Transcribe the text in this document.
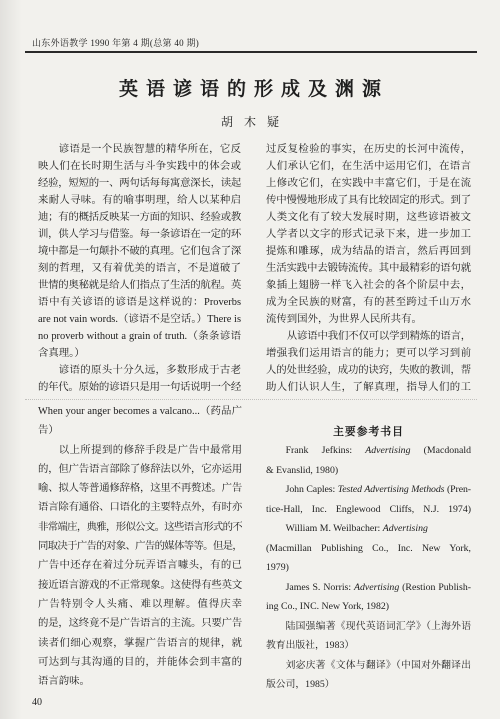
山东外语教学 1990 年第 4 期(总第 40 期)
英语谚语的形成及渊源
胡木疑
谚语是一个民族智慧的精华所在，它反
映人们在长时期生活与斗争实践中的体会或
经验，短短的一、两句话每每寓意深长，读起
来耐人寻味。有的喻事明理，给人以某种启
迪；有的概括反映某一方面的知识、经验或教
训，供人学习与借鉴。每一条谚语在一定的环
境中都是一句颠扑不破的真理。它们包含了深
刻的哲理，又有着优美的语言，不是道破了
世情的奥秘就是给人们指点了生活的航程。英
语中有关谚语的谚语是这样说的：Proverbs
are not vain words.（谚语不是空话。）There is
no proverb without a grain of truth.（条条谚语
含真理。）
谚语的原头十分久远，多数形成于古老
的年代。原始的谚语只是用一句话说明一个经
过反复检验的事实，在历史的长河中流传，
人们承认它们，在生活中运用它们，在语言
上修改它们，在实践中丰富它们，于是在流
传中慢慢地形成了具有比较固定的形式。到了
人类文化有了较大发展时期，这些谚语被文
人学者以文字的形式记录下来，进一步加工
提炼和雕琢，成为结晶的语言，然后再回到
生活实践中去锻铸流传。其中最精彩的语句就
象插上翅膀一样飞入社会的各个阶层中去，
成为全民族的财富，有的甚至跨过千山万水
流传到国外，为世界人民所共有。
从谚语中我们不仅可以学到精炼的语言，
增强我们运用语言的能力；更可以学习到前
人的处世经验，成功的诀窍，失败的教训，帮
助人们认识人生，了解真理，指导人们的工
When your anger becomes a valcano...（药品广
告）
以上所提到的修辞手段是广告中最常用
的，但广告语言部除了修辞法以外，它亦运用
喻、拟人等普通修辞格，这里不再赘述。广告
语言除有通俗、口语化的主要特点外，有时亦
非常端庄，典雅，形似公文。这些语言形式的不
同取决于广告的对象、广告的媒体等等。但是，
广告中还存在着过分玩弄语言噱头，有的已
接近语言游戏的不正常现象。这使得有些英文
广告特别令人头痛、难以理解。值得庆幸
的是，这终竟不是广告语言的主流。只要广告
读者们细心观察，掌握广告语言的规律，就
可达到与其沟通的目的，并能体会到丰富的
语言韵味。
主要参考书目
Frank Jefkins: Advertising (Macdonald
& Evanslid, 1980)
John Caples: Tested Advertising Methods (Pren-
tice-Hall, Inc. Englewood Cliffs, N.J. 1974)
William M. Weilbacher: Advertising
(Macmillan Publishing Co., Inc. New York,
1979)
James S. Norris: Advertising (Restion Publish-
ing Co., INC. New York, 1982)
陆国强编著《现代英语词汇学》（上海外语
教育出版社，1983）
刘宓庆著《文体与翻译》（中国对外翻译出
版公司，1985）
40
